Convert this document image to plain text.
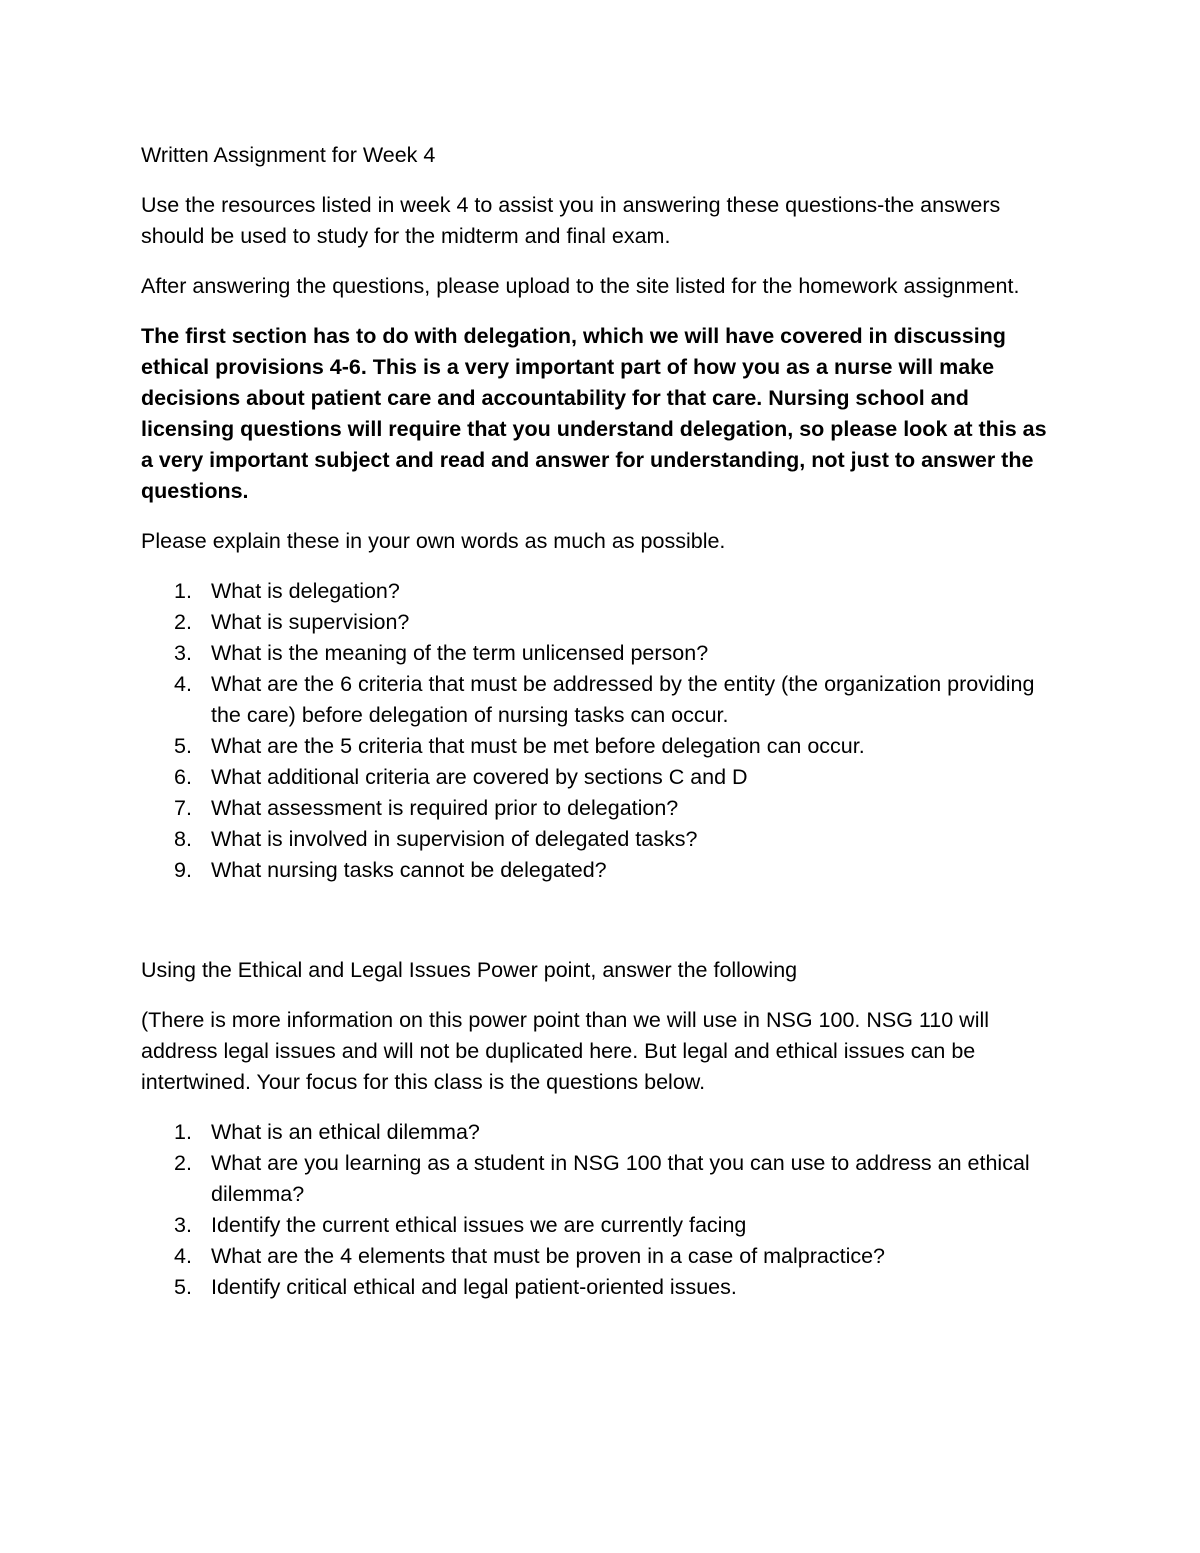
Written Assignment for Week 4

Use the resources listed in week 4 to assist you in answering these questions-the answers should be used to study for the midterm and final exam.

After answering the questions, please upload to the site listed for the homework assignment.

The first section has to do with delegation, which we will have covered in discussing ethical provisions 4-6. This is a very important part of how you as a nurse will make decisions about patient care and accountability for that care. Nursing school and licensing questions will require that you understand delegation, so please look at this as a very important subject and read and answer for understanding, not just to answer the questions.

Please explain these in your own words as much as possible.

1. What is delegation?
2. What is supervision?
3. What is the meaning of the term unlicensed person?
4. What are the 6 criteria that must be addressed by the entity (the organization providing the care) before delegation of nursing tasks can occur.
5. What are the 5 criteria that must be met before delegation can occur.
6. What additional criteria are covered by sections C and D
7. What assessment is required prior to delegation?
8. What is involved in supervision of delegated tasks?
9. What nursing tasks cannot be delegated?

Using the Ethical and Legal Issues Power point, answer the following

(There is more information on this power point than we will use in NSG 100. NSG 110 will address legal issues and will not be duplicated here. But legal and ethical issues can be intertwined. Your focus for this class is the questions below.

1. What is an ethical dilemma?
2. What are you learning as a student in NSG 100 that you can use to address an ethical dilemma?
3. Identify the current ethical issues we are currently facing
4. What are the 4 elements that must be proven in a case of malpractice?
5. Identify critical ethical and legal patient-oriented issues.
